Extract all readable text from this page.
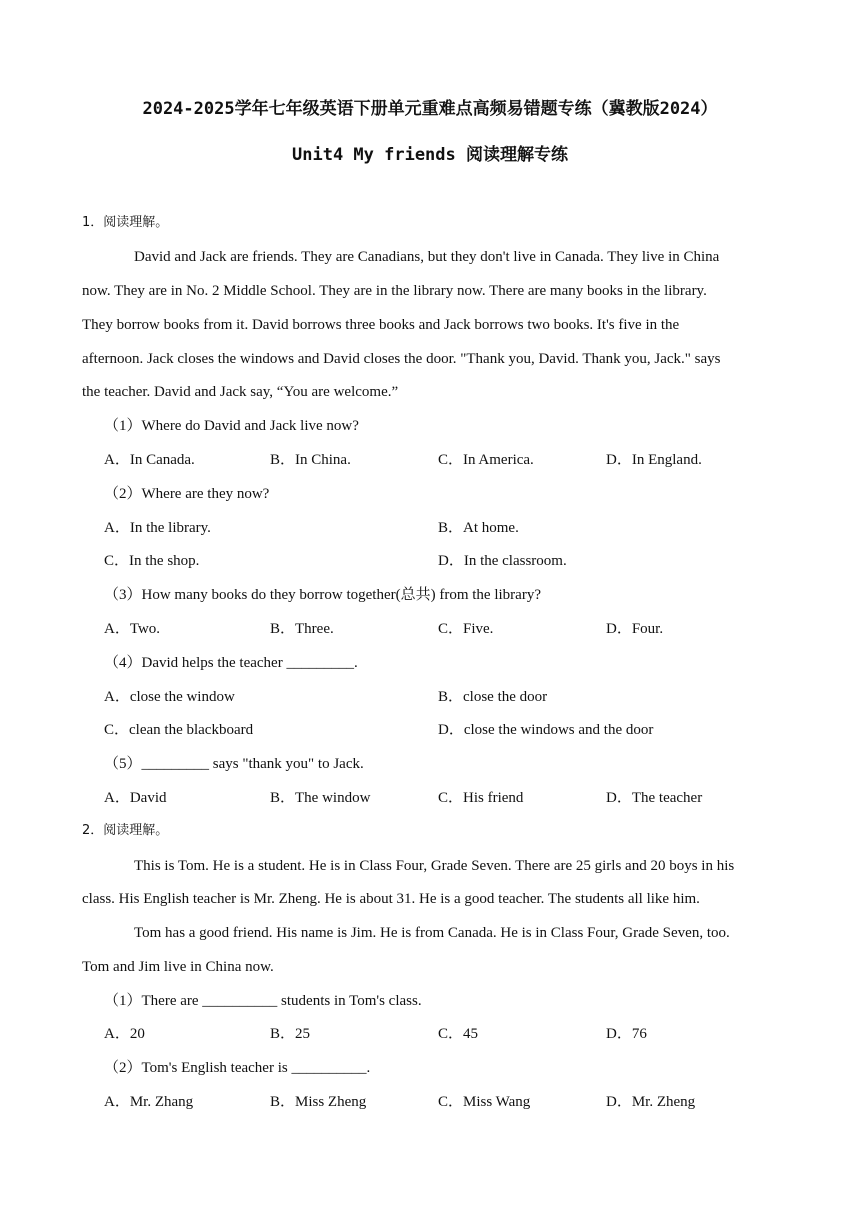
2024-2025学年七年级英语下册单元重难点高频易错题专练（冀教版2024）
Unit4 My friends 阅读理解专练
1．阅读理解。
David and Jack are friends. They are Canadians, but they don't live in Canada. They live in China
now. They are in No. 2 Middle School. They are in the library now. There are many books in the library.
They borrow books from it. David borrows three books and Jack borrows two books. It's five in the
afternoon. Jack closes the windows and David closes the door. "Thank you, David. Thank you, Jack." says
the teacher. David and Jack say, “You are welcome.”
（1）Where do David and Jack live now?
A．In Canada.	B．In China.	C．In America.	D．In England.
（2）Where are they now?
A．In the library.	B．At home.
C．In the shop.	D．In the classroom.
（3）How many books do they borrow together(总共) from the library?
A．Two.	B．Three.	C．Five.	D．Four.
（4）David helps the teacher _________.
A．close the window	B．close the door
C．clean the blackboard	D．close the windows and the door
（5）_________ says "thank you" to Jack.
A．David	B．The window	C．His friend	D．The teacher
2．阅读理解。
This is Tom. He is a student. He is in Class Four, Grade Seven. There are 25 girls and 20 boys in his
class. His English teacher is Mr. Zheng. He is about 31. He is a good teacher. The students all like him.
Tom has a good friend. His name is Jim. He is from Canada. He is in Class Four, Grade Seven, too.
Tom and Jim live in China now.
（1）There are __________ students in Tom's class.
A．20	B．25	C．45	D．76
（2）Tom's English teacher is __________.
A．Mr. Zhang	B．Miss Zheng	C．Miss Wang	D．Mr. Zheng
